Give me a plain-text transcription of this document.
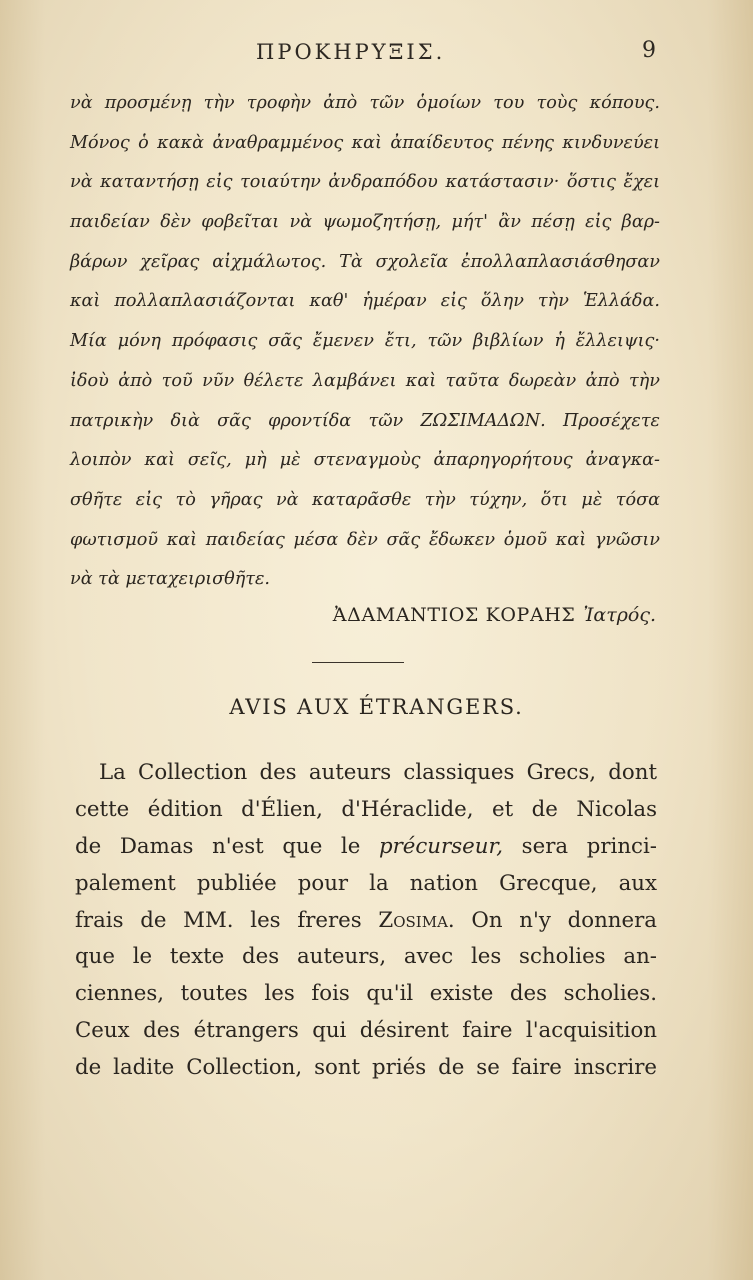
ΠΡΟΚΗΡΥΞΙΣ.	9
νὰ προσμένῃ τὴν τροφὴν ἀπὸ τῶν ὁμοίων του τοὺς κόπους.
Μόνος ὁ κακὰ ἀναθραμμένος καὶ ἀπαίδευτος πένης κινδυνεύει
νὰ καταντήσῃ εἰς τοιαύτην ἀνδραπόδου κατάστασιν· ὅστις ἔχει
παιδείαν δὲν φοβεῖται νὰ ψωμοζητήσῃ, μήτ' ἂν πέσῃ εἰς βαρ-
βάρων χεῖρας αἰχμάλωτος. Τὰ σχολεῖα ἐπολλαπλασιάσθησαν
καὶ πολλαπλασιάζονται καθ' ἡμέραν εἰς ὅλην τὴν Ἑλλάδα.
Μία μόνη πρόφασις σᾶς ἔμενεν ἔτι, τῶν βιβλίων ἡ ἔλλειψις·
ἰδοὺ ἀπὸ τοῦ νῦν θέλετε λαμβάνει καὶ ταῦτα δωρεὰν ἀπὸ τὴν
πατρικὴν διὰ σᾶς φροντίδα τῶν ΖΩΣΙΜΑΔΩΝ. Προσέχετε
λοιπὸν καὶ σεῖς, μὴ μὲ στεναγμοὺς ἀπαρηγορήτους ἀναγκα-
σθῆτε εἰς τὸ γῆρας νὰ καταρᾶσθε τὴν τύχην, ὅτι μὲ τόσα
φωτισμοῦ καὶ παιδείας μέσα δὲν σᾶς ἔδωκεν ὁμοῦ καὶ γνῶσιν
νὰ τὰ μεταχειρισθῆτε.
ἈΔΑΜΑΝΤΙΟΣ ΚΟΡΑΗΣ Ἰατρός.
AVIS AUX ÉTRANGERS.
La Collection des auteurs classiques Grecs, dont
cette édition d'Élien, d'Héraclide, et de Nicolas
de Damas n'est que le précurseur, sera princi-
palement publiée pour la nation Grecque, aux
frais de MM. les freres Zosima. On n'y donnera
que le texte des auteurs, avec les scholies an-
ciennes, toutes les fois qu'il existe des scholies.
Ceux des étrangers qui désirent faire l'acquisition
de ladite Collection, sont priés de se faire inscrire
